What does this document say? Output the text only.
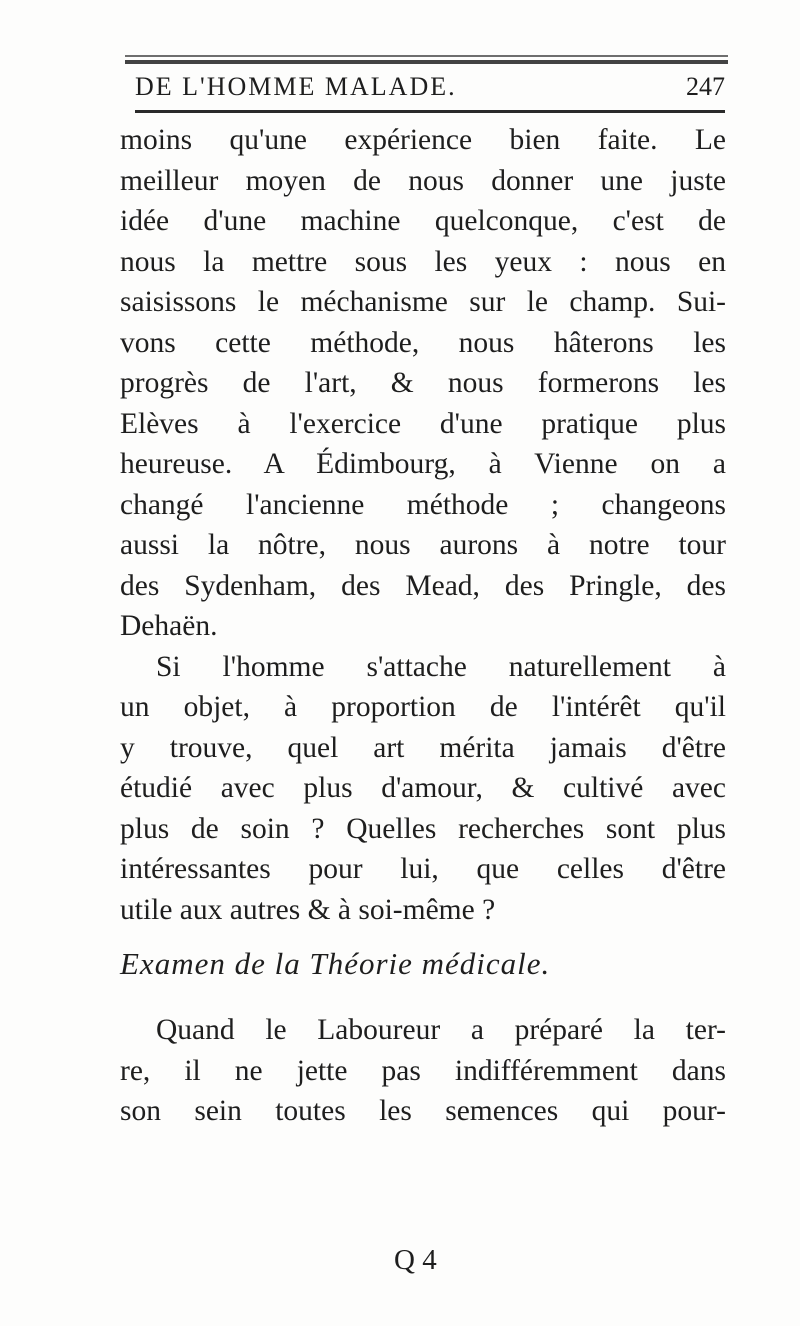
DE L'HOMME MALADE.	247
moins qu'une expérience bien faite. Le
meilleur moyen de nous donner une juste
idée d'une machine quelconque, c'est de
nous la mettre sous les yeux : nous en
saisissons le méchanisme sur le champ. Sui-
vons cette méthode, nous hâterons les
progrès de l'art, & nous formerons les
Elèves à l'exercice d'une pratique plus
heureuse. A Édimbourg, à Vienne on a
changé l'ancienne méthode ; changeons
aussi la nôtre, nous aurons à notre tour
des Sydenham, des Mead, des Pringle, des
Dehaën.
Si l'homme s'attache naturellement à
un objet, à proportion de l'intérêt qu'il
y trouve, quel art mérita jamais d'être
étudié avec plus d'amour, & cultivé avec
plus de soin ? Quelles recherches sont plus
intéressantes pour lui, que celles d'être
utile aux autres & à soi-même ?
Examen de la Théorie médicale.
Quand le Laboureur a préparé la ter-
re, il ne jette pas indifféremment dans
son sein toutes les semences qui pour-
Q 4
